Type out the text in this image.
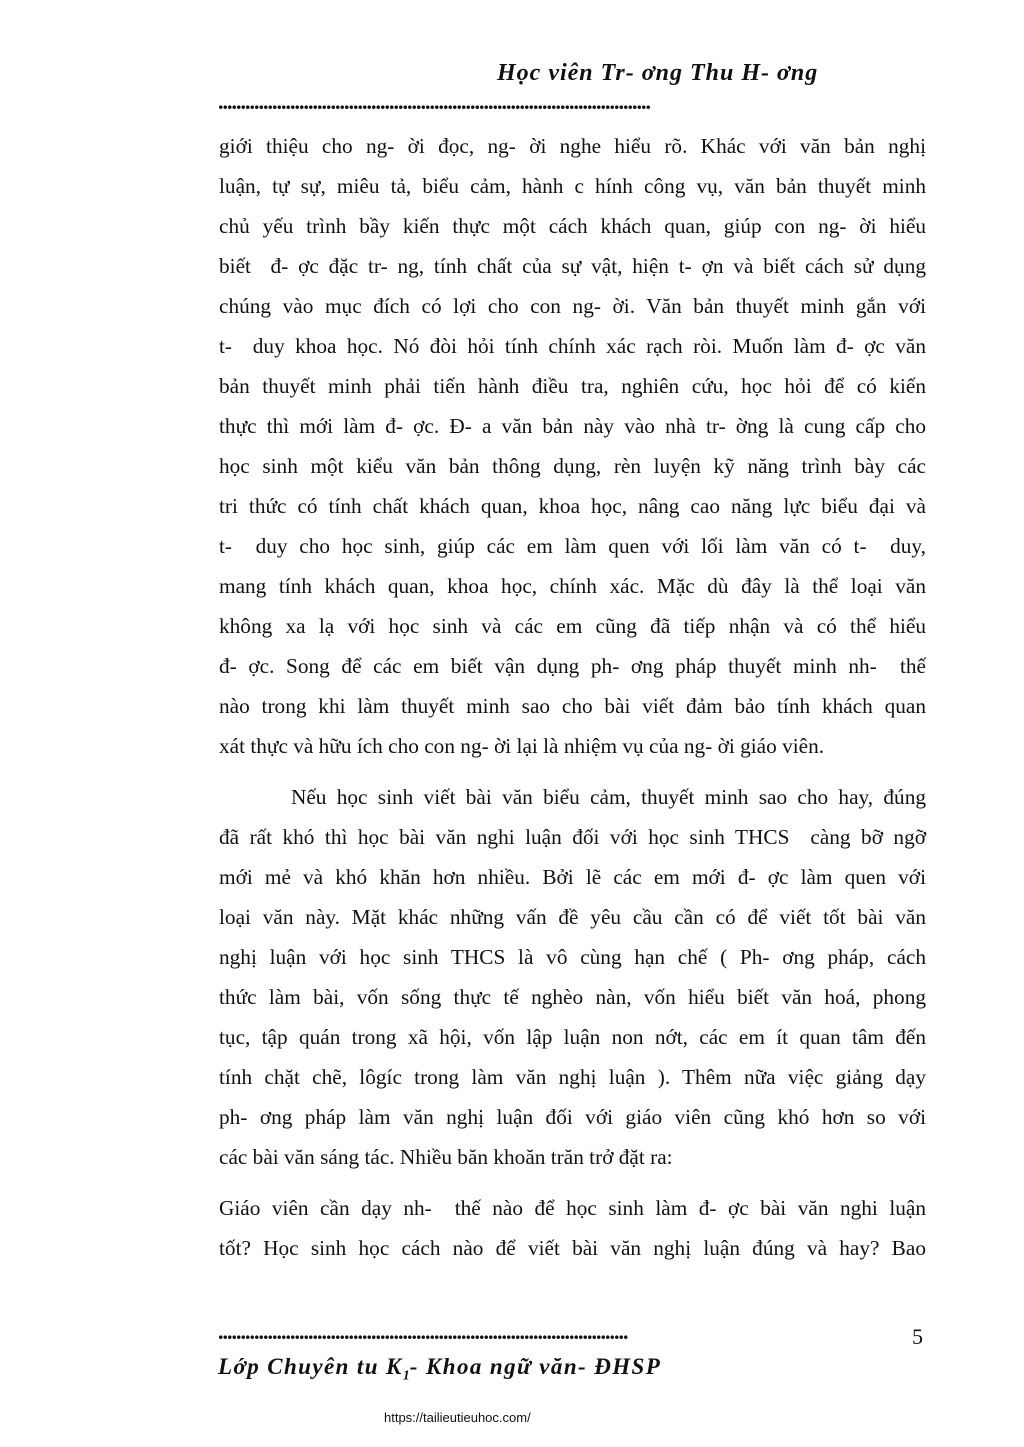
Học viên Tr- ơng Thu H- ơng
................................................................................................
giới thiệu cho ng- ời đọc, ng- ời nghe hiểu rõ. Khác với văn bản nghị
luận, tự sự, miêu tả, biểu cảm, hành c hính công vụ, văn bản thuyết minh
chủ yếu trình bầy kiến thực một cách khách quan, giúp con ng- ời hiểu
biết  đ- ợc đặc tr- ng, tính chất của sự vật, hiện t- ợn và biết cách sử dụng
chúng vào mục đích có lợi cho con ng- ời. Văn bản thuyết minh gắn với
t-  duy khoa học. Nó đòi hỏi tính chính xác rạch ròi. Muốn làm đ- ợc văn
bản thuyết minh phải tiến hành điều tra, nghiên cứu, học hỏi để có kiến
thực thì mới làm đ- ợc. Đ- a văn bản này vào nhà tr- ờng là cung cấp cho
học sinh một kiểu văn bản thông dụng, rèn luyện kỹ năng trình bày các
tri thức có tính chất khách quan, khoa học, nâng cao năng lực biểu đại và
t-  duy cho học sinh, giúp các em làm quen với lối làm văn có t-  duy,
mang tính khách quan, khoa học, chính xác. Mặc dù đây là thể loại văn
không xa lạ với học sinh và các em cũng đã tiếp nhận và có thể hiểu
đ- ợc. Song để các em biết vận dụng ph- ơng pháp thuyết minh nh-  thế
nào trong khi làm thuyết minh sao cho bài viết đảm bảo tính khách quan
xát thực và hữu ích cho con ng- ời lại là nhiệm vụ của ng- ời giáo viên.
Nếu học sinh viết bài văn biểu cảm, thuyết minh sao cho hay, đúng
đã rất khó thì học bài văn nghi luận đối với học sinh THCS  càng bỡ ngỡ
mới mẻ và khó khăn hơn nhiều. Bởi lẽ các em mới đ- ợc làm quen với
loại văn này. Mặt khác những vấn đề yêu cầu cần có để viết tốt bài văn
nghị luận với học sinh THCS là vô cùng hạn chế ( Ph- ơng pháp, cách
thức làm bài, vốn sống thực tế nghèo nàn, vốn hiểu biết văn hoá, phong
tục, tập quán trong xã hội, vốn lập luận non nớt, các em ít quan tâm đến
tính chặt chẽ, lôgíc trong làm văn nghị luận ). Thêm nữa việc giảng dạy
ph- ơng pháp làm văn nghị luận đối với giáo viên cũng khó hơn so với
các bài văn sáng tác. Nhiều băn khoăn trăn trở đặt ra:
Giáo viên cần dạy nh-  thế nào để học sinh làm đ- ợc bài văn nghi luận
tốt? Học sinh học cách nào để viết bài văn nghị luận đúng và hay? Bao
...........................................................................................	5
Lớp Chuyên tu $K_1-$ Khoa ngữ văn- ĐHSP
https://tailieutieuhoc.com/
